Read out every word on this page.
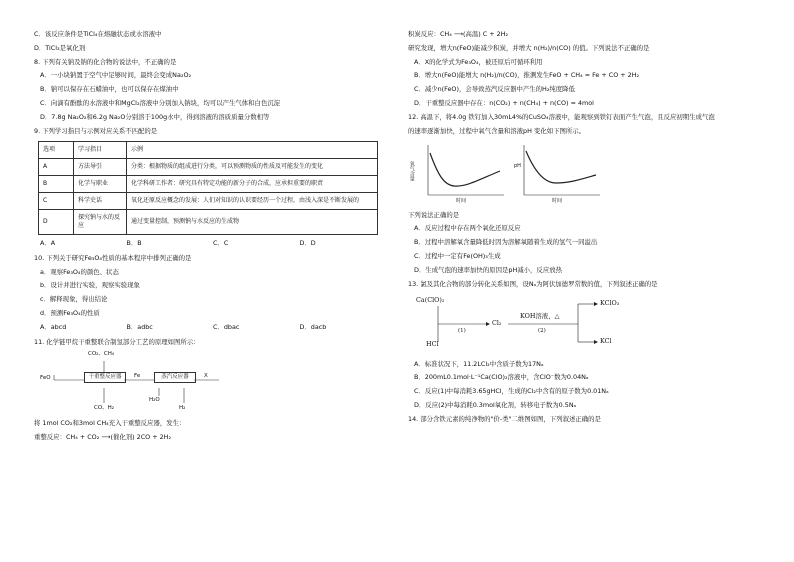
C．该反应条件是TiCl₄在熔融状态或水溶液中
D．TiCl₃是氧化剂
8. 下列有关钠及钠的化合物的说法中，不正确的是
A．一小块钠置于空气中足够时间，最终会变成Na₂O₂
B．钠可以保存在石蜡油中，也可以保存在煤油中
C．向滴有酚酞的水溶液中和MgCl₂溶液中分别加入钠块，均可以产生气体和白色沉淀
D．7.8g Na₂O₂和6.2g Na₂O分别溶于100g水中，得到溶液的溶质质量分数相等
9. 下列学习指目与示例对应关系不匹配的是
选项	学习指目	示例
A	方法导引	分类：根据物质的组成进行分类，可以预测物质的性质及可能发生的变化
B	化学与职业	化学科研工作者：研究具有特定功能的新分子的合成，应承担重要的职责
C	科学史话	氧化还原反应概念的发展：人们对知识的认识要经历一个过程，由浅入深是不断发展的
D	探究钠与水的反应	通过变量控制，预测钠与水反应的生成物
A．A	B．B	C．C	D．D
10. 下列关于研究Fe₃O₄性质的基本程序中排列正确的是
a．观察Fe₃O₄的颜色、状态
b．设计并进行实验，观察实验现象
c．解释现象，得出结论
d．预测Fe₃O₄的性质
A．abcd	B．adbc	C．dbac	D．dacb
11. 化学链甲烷干重整联合制氢部分工艺的原理如图所示：
CO₂、CH₄
FeO	干重整反应器	Fe	蒸汽反应器	X
CO、H₂
H₂O
H₂
将 1mol CO₂和3mol CH₄充入干重整反应器，发生：
重整反应：CH₄ + CO₂ ⟶(催化剂) 2CO + 2H₂
积炭反应：CH₄ ⟶(高温) C + 2H₂
研究发现，增大n(FeO)能减少积炭，并增大 n(H₂)/n(CO) 的值。下列说法不正确的是
A．X的化学式为Fe₃O₄，被还原后可循环利用
B．增大n(FeO)能增大 n(H₂)/n(CO)，推测发生FeO + CH₄ = Fe + CO + 2H₂
C．减少n(FeO)，会导致蒸汽反应器中产生的H₂纯度降低
D．干重整反应器中存在：n(CO₂) + n(CH₄) + n(CO) = 4mol
12. 高温下，将4.0g 铁钉加入30mL4%的CuSO₄溶液中，能观察到铁钉表面产生气泡，且反应初期生成气泡
的速率逐渐加快，过程中氧气含量和溶液pH 变化如下图所示。
氧气含量
时间
pH
时间
下列说法正确的是
A．反应过程中存在两个氧化还原反应
B．过程中溶解氧含量降低时因为溶解氧随着生成的氢气一同溢出
C．过程中一定有Fe(OH)₃生成
D．生成气泡的速率加快的原因是pH减小，反应放热
13. 氯及其化合物的部分转化关系如图，设Nₐ为阿伏加德罗常数的值，下列叙述正确的是
Ca(ClO)₂
HCl
Cl₂
KOH溶液，△
KClO₃
KCl
(1)	(2)
A．标准状况下，11.2LCl₂中含质子数为17Nₐ
B．200mL0.1mol·L⁻¹Ca(ClO)₂溶液中，含ClO⁻数为0.04Nₐ
C．反应(1)中每消耗3.65gHCl，生成的Cl₂中含有的原子数为0.01Nₐ
D．反应(2)中每消耗0.3mol氧化剂，转移电子数为0.5Nₐ
14. 部分含铁元素的纯净物的"价-类"二维图如图，下列叙述正确的是
